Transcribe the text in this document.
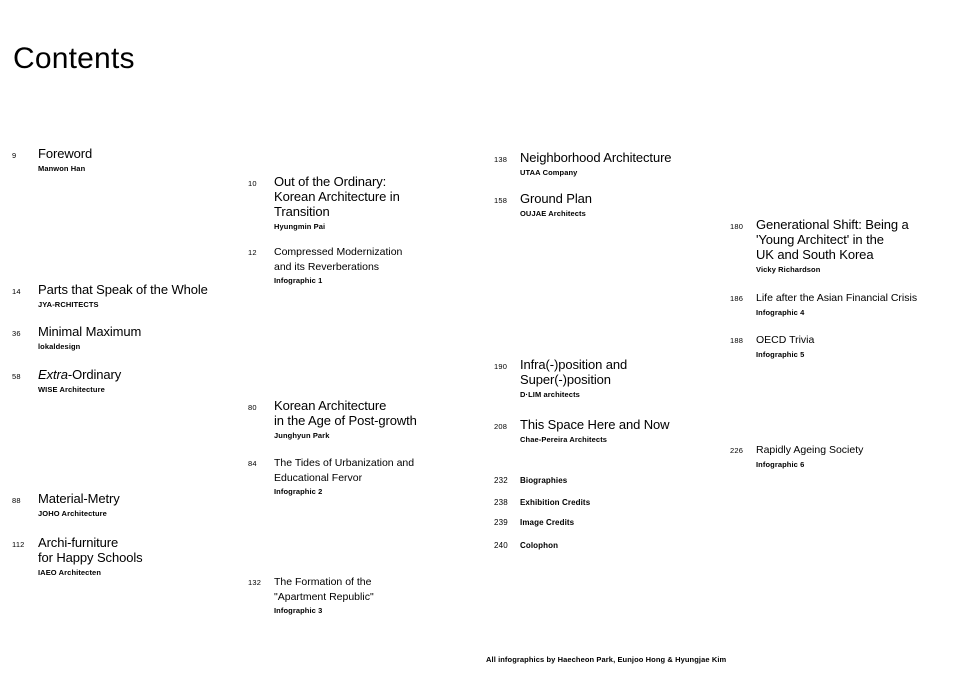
Contents
9	Foreword
Manwon Han
14	Parts that Speak of the Whole
JYA-RCHITECTS
36	Minimal Maximum
lokaldesign
58	Extra-Ordinary
WISE Architecture
88	Material-Metry
JOHO Architecture
112	Archi-furniture
for Happy Schools
IAEO Architecten
10	Out of the Ordinary:
Korean Architecture in
Transition
Hyungmin Pai
12	Compressed Modernization
and its Reverberations
Infographic 1
80	Korean Architecture
in the Age of Post-growth
Junghyun Park
84	The Tides of Urbanization and
Educational Fervor
Infographic 2
132	The Formation of the
"Apartment Republic"
Infographic 3
138 Neighborhood Architecture
UTAA Company
158 Ground Plan
OUJAE Architects
190 Infra(-)position and
Super(-)position
D·LIM architects
208 This Space Here and Now
Chae-Pereira Architects
232	Biographies
238	Exhibition Credits
239	Image Credits
240	Colophon
180 Generational Shift: Being a
'Young Architect' in the
UK and South Korea
Vicky Richardson
186	Life after the Asian Financial Crisis
Infographic 4
188	OECD Trivia
Infographic 5
226	Rapidly Ageing Society
Infographic 6
All infographics by Haecheon Park, Eunjoo Hong & Hyungjae Kim
